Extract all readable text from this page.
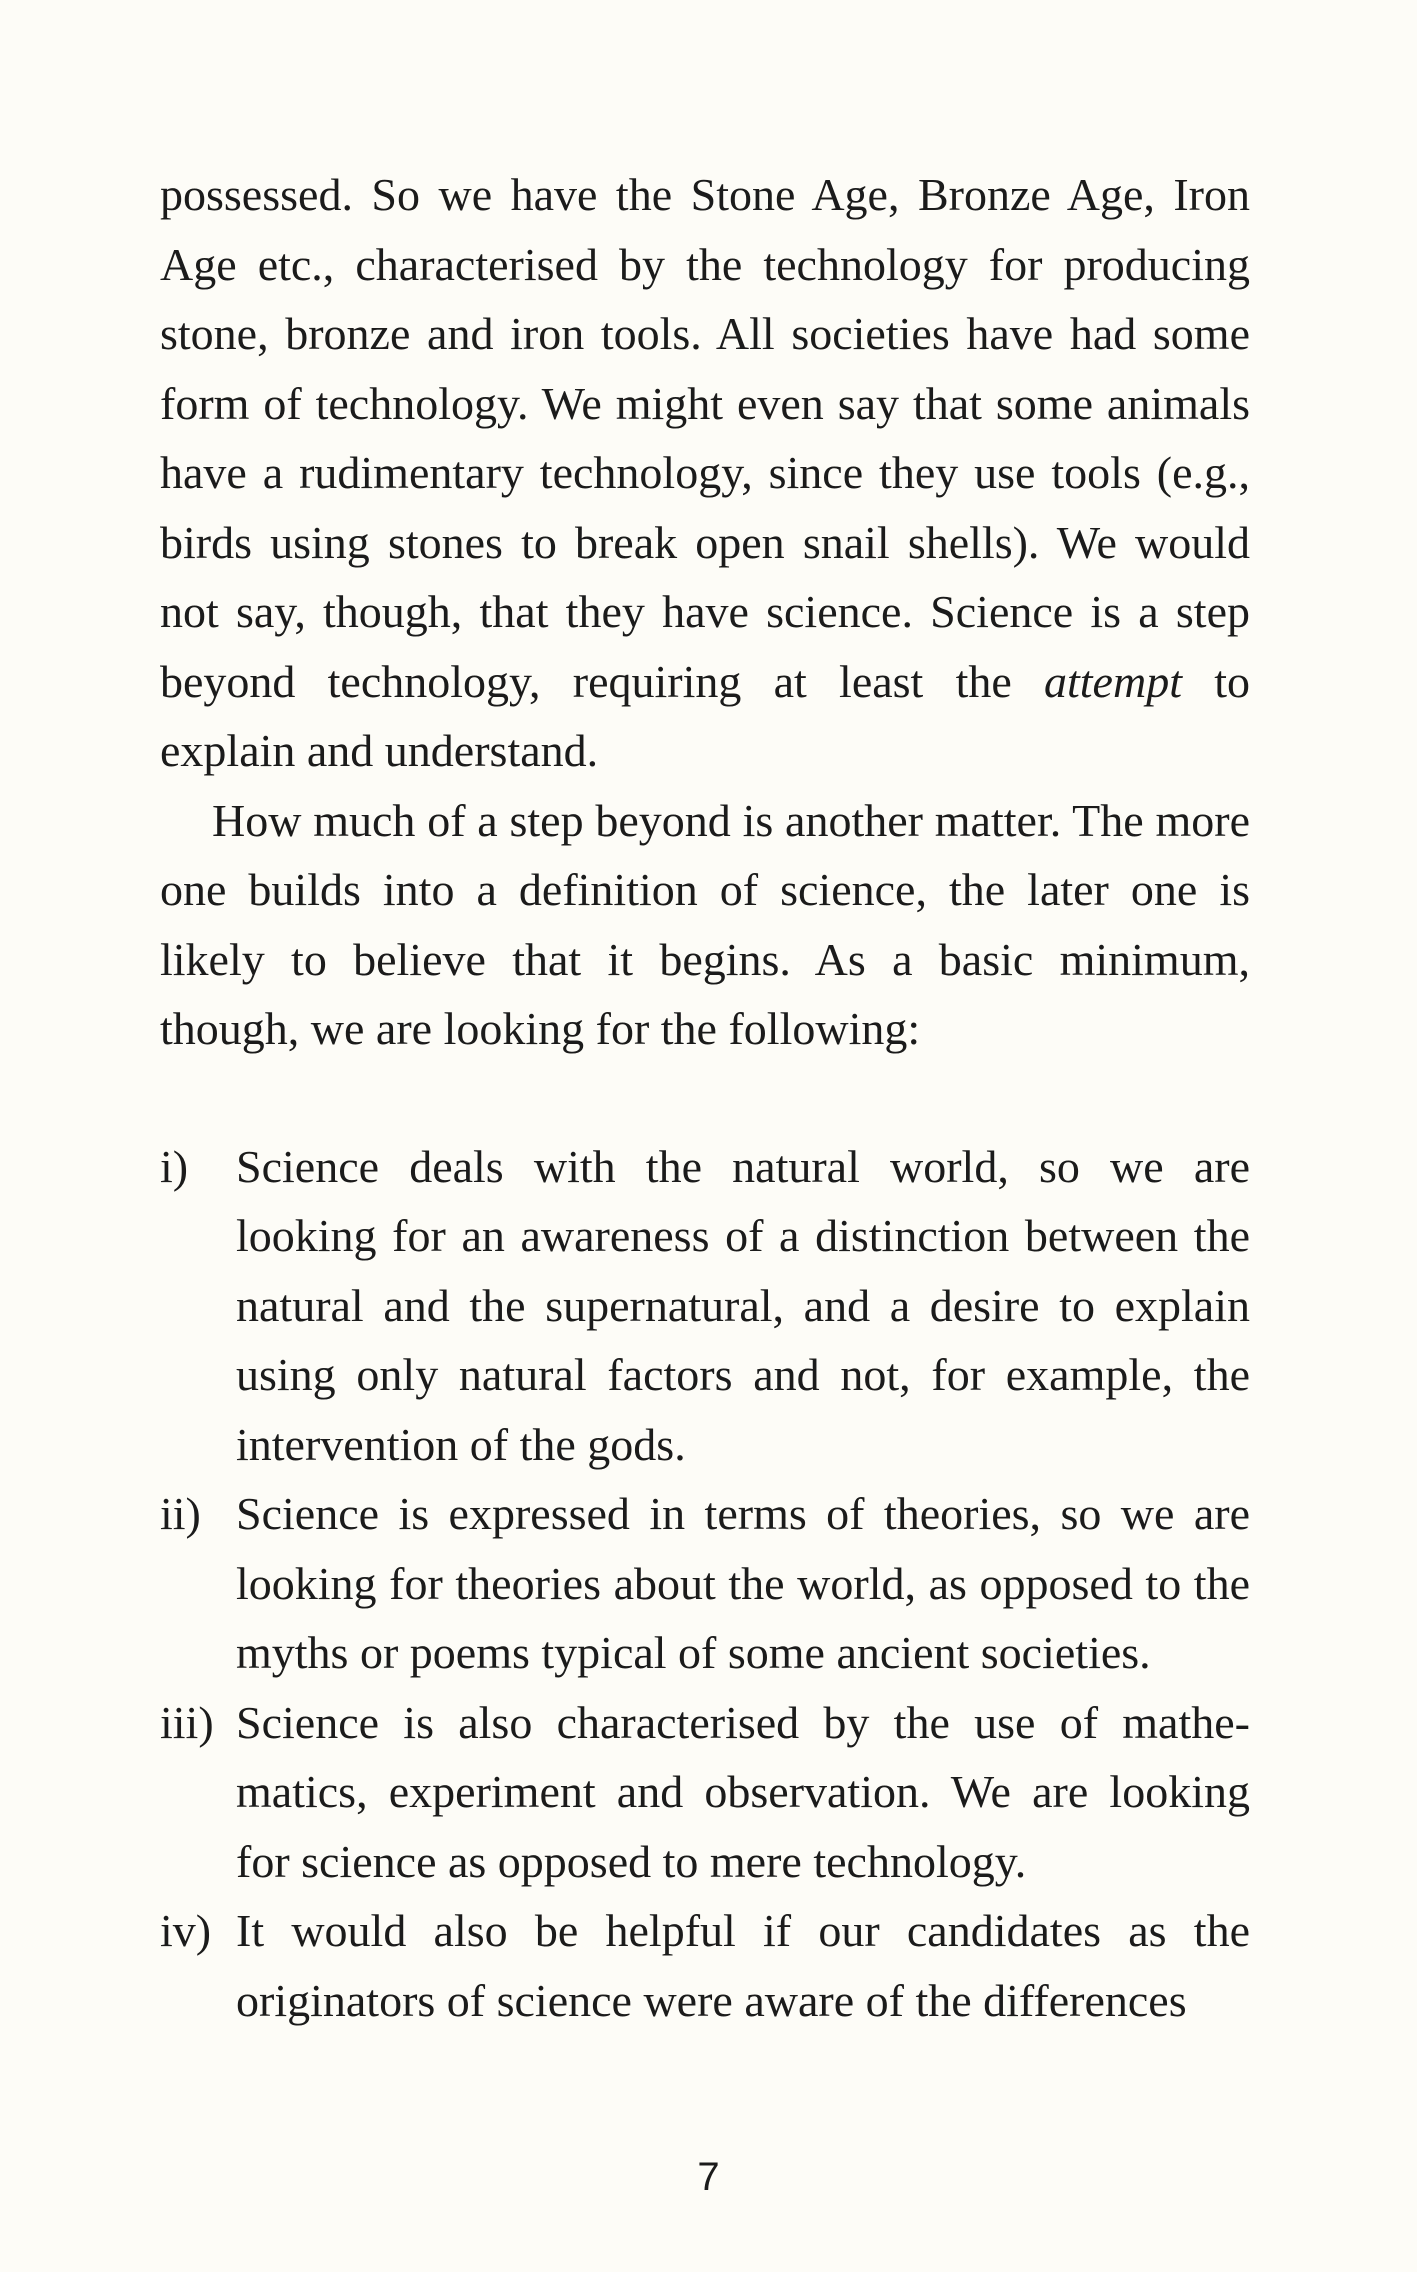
possessed. So we have the Stone Age, Bronze Age, Iron Age etc., characterised by the technology for producing stone, bronze and iron tools. All societies have had some form of technology. We might even say that some animals have a rudimentary technology, since they use tools (e.g., birds using stones to break open snail shells). We would not say, though, that they have science. Science is a step beyond technology, requiring at least the attempt to explain and understand.

How much of a step beyond is another matter. The more one builds into a definition of science, the later one is likely to believe that it begins. As a basic minimum, though, we are looking for the following:

i)	Science deals with the natural world, so we are looking for an awareness of a distinction between the natural and the supernatural, and a desire to explain using only natural factors and not, for example, the intervention of the gods.

ii) Science is expressed in terms of theories, so we are looking for theories about the world, as opposed to the myths or poems typical of some ancient societies.

iii) Science is also characterised by the use of mathe-matics, experiment and observation. We are looking for science as opposed to mere technology.

iv) It would also be helpful if our candidates as the originators of science were aware of the differences

7
